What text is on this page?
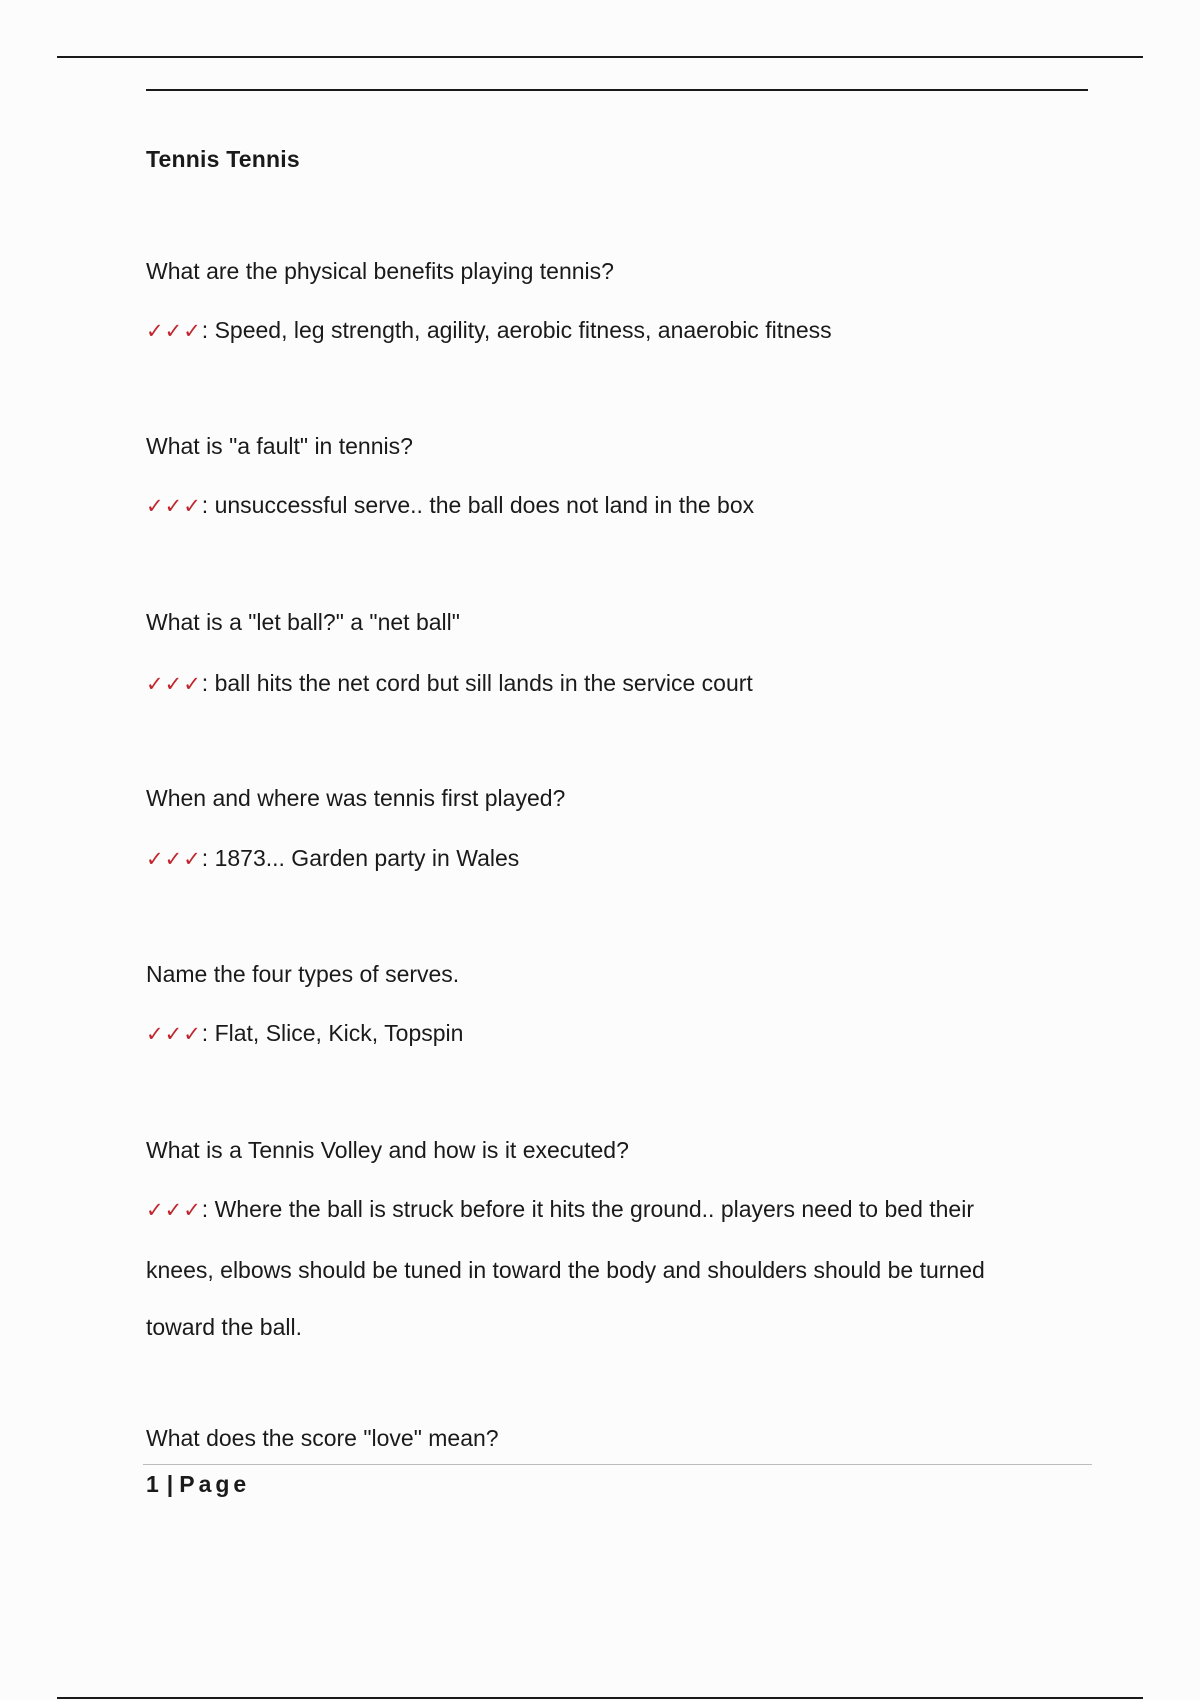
Tennis Tennis
What are the physical benefits playing tennis?
✓✓✓: Speed, leg strength, agility, aerobic fitness, anaerobic fitness
What is "a fault" in tennis?
✓✓✓: unsuccessful serve.. the ball does not land in the box
What is a "let ball?" a "net ball"
✓✓✓: ball hits the net cord but sill lands in the service court
When and where was tennis first played?
✓✓✓: 1873... Garden party in Wales
Name the four types of serves.
✓✓✓: Flat, Slice, Kick, Topspin
What is a Tennis Volley and how is it executed?
✓✓✓: Where the ball is struck before it hits the ground.. players need to bed their
knees, elbows should be tuned in toward the body and shoulders should be turned
toward the ball.
What does the score "love" mean?
1 | Page
